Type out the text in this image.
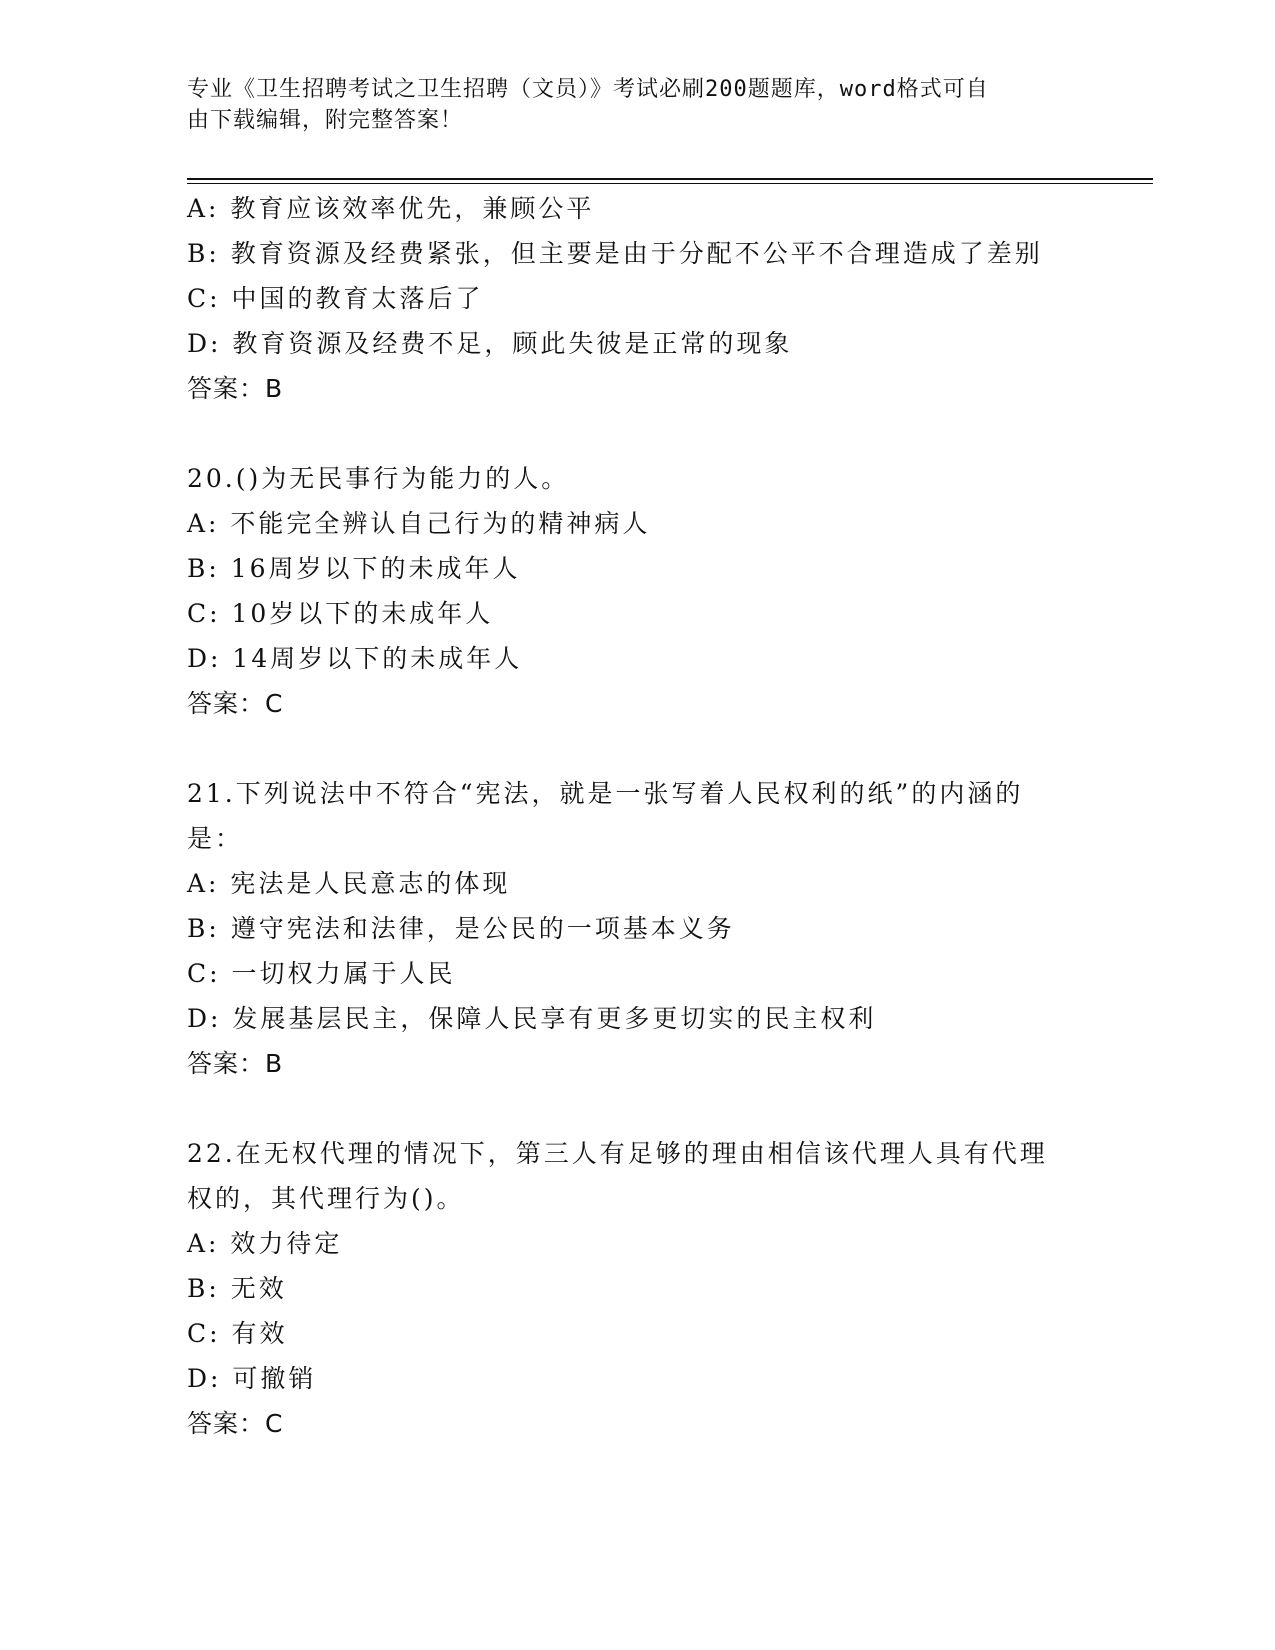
专业《卫生招聘考试之卫生招聘（文员）》考试必刷200题题库，word格式可自
由下载编辑，附完整答案！
A: 教育应该效率优先，兼顾公平
B: 教育资源及经费紧张，但主要是由于分配不公平不合理造成了差别
C: 中国的教育太落后了
D: 教育资源及经费不足，顾此失彼是正常的现象
答案：B
20.()为无民事行为能力的人。
A: 不能完全辨认自己行为的精神病人
B: 16周岁以下的未成年人
C: 10岁以下的未成年人
D: 14周岁以下的未成年人
答案：C
21.下列说法中不符合“宪法，就是一张写着人民权利的纸”的内涵的
是：
A: 宪法是人民意志的体现
B: 遵守宪法和法律，是公民的一项基本义务
C: 一切权力属于人民
D: 发展基层民主，保障人民享有更多更切实的民主权利
答案：B
22.在无权代理的情况下，第三人有足够的理由相信该代理人具有代理
权的，其代理行为()。
A: 效力待定
B: 无效
C: 有效
D: 可撤销
答案：C
